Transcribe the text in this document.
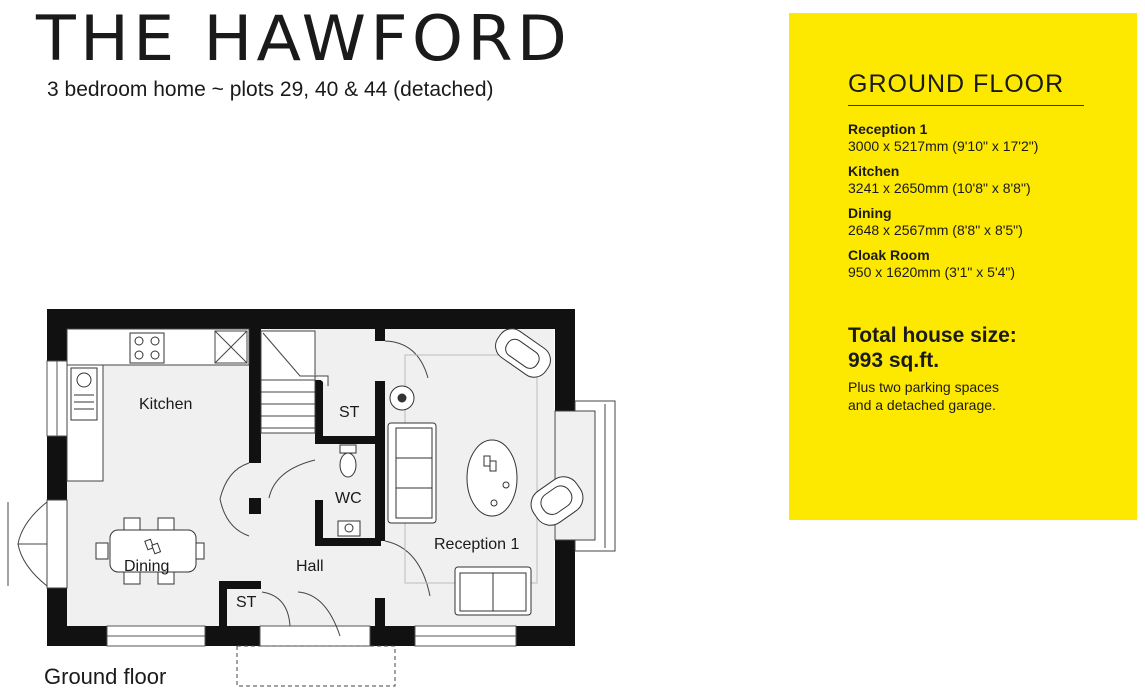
THE HAWFORD
3 bedroom home ~ plots 29, 40 & 44 (detached)	GROUND FLOOR
Reception 1
3000 x 5217mm (9'10" x 17'2")
Kitchen
3241 x 2650mm (10'8" x 8'8")
Dining
2648 x 2567mm (8'8" x 8'5")
Cloak Room
950 x 1620mm (3'1" x 5'4")
Total house size:
993 sq.ft.
Plus two parking spaces
and a detached garage.
Kitchen
Dining	Hall
ST
ST
WC
Reception 1
Ground floor
